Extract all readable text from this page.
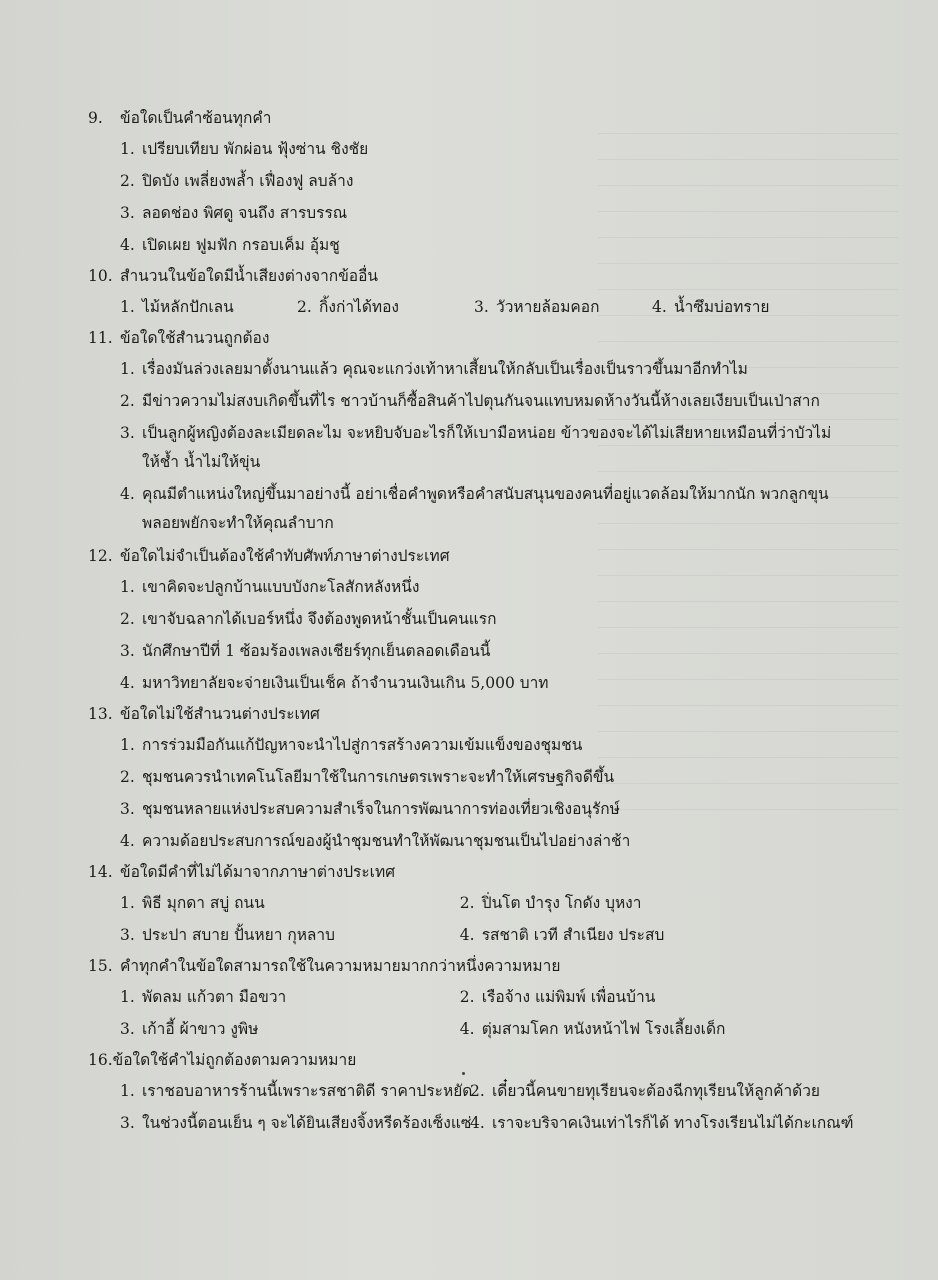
9. ข้อใดเป็นคำซ้อนทุกคำ
1. เปรียบเทียบ พักผ่อน ฟุ้งซ่าน ชิงชัย
2. ปิดบัง เพลี่ยงพล้ำ เฟื่องฟู ลบล้าง
3. ลอดช่อง พิศดู จนถึง สารบรรณ
4. เปิดเผย ฟูมฟัก กรอบเค็ม อุ้มชู
10. สำนวนในข้อใดมีน้ำเสียงต่างจากข้ออื่น
1. ไม้หลักปักเลน	2. กิ้งก่าได้ทอง	3. วัวหายล้อมคอก	4. น้ำซึมบ่อทราย
11. ข้อใดใช้สำนวนถูกต้อง
1. เรื่องมันล่วงเลยมาตั้งนานแล้ว คุณจะแกว่งเท้าหาเสี้ยนให้กลับเป็นเรื่องเป็นราวขึ้นมาอีกทำไม
2. มีข่าวความไม่สงบเกิดขึ้นที่ไร ชาวบ้านก็ซื้อสินค้าไปตุนกันจนแทบหมดห้างวันนี้ห้างเลยเงียบเป็นเป่าสาก
3. เป็นลูกผู้หญิงต้องละเมียดละไม จะหยิบจับอะไรก็ให้เบามือหน่อย ข้าวของจะได้ไม่เสียหายเหมือนที่ว่าบัวไม่ให้ช้ำ น้ำไม่ให้ขุ่น
4. คุณมีตำแหน่งใหญ่ขึ้นมาอย่างนี้ อย่าเชื่อคำพูดหรือคำสนับสนุนของคนที่อยู่แวดล้อมให้มากนัก พวกลูกขุนพลอยพยักจะทำให้คุณลำบาก
12. ข้อใดไม่จำเป็นต้องใช้คำทับศัพท์ภาษาต่างประเทศ
1. เขาคิดจะปลูกบ้านแบบบังกะโลสักหลังหนึ่ง
2. เขาจับฉลากได้เบอร์หนึ่ง จึงต้องพูดหน้าชั้นเป็นคนแรก
3. นักศึกษาปีที่ 1 ซ้อมร้องเพลงเชียร์ทุกเย็นตลอดเดือนนี้
4. มหาวิทยาลัยจะจ่ายเงินเป็นเช็ค ถ้าจำนวนเงินเกิน 5,000 บาท
13. ข้อใดไม่ใช้สำนวนต่างประเทศ
1. การร่วมมือกันแก้ปัญหาจะนำไปสู่การสร้างความเข้มแข็งของชุมชน
2. ชุมชนควรนำเทคโนโลยีมาใช้ในการเกษตรเพราะจะทำให้เศรษฐกิจดีขึ้น
3. ชุมชนหลายแห่งประสบความสำเร็จในการพัฒนาการท่องเที่ยวเชิงอนุรักษ์
4. ความด้อยประสบการณ์ของผู้นำชุมชนทำให้พัฒนาชุมชนเป็นไปอย่างล่าช้า
14. ข้อใดมีคำที่ไม่ได้มาจากภาษาต่างประเทศ
1. พิธี มุกดา สบู่ ถนน	2. ปิ่นโต บำรุง โกดัง บุหงา
3. ประปา สบาย ปั้นหยา กุหลาบ	4. รสชาติ เวที สำเนียง ประสบ
15. คำทุกคำในข้อใดสามารถใช้ในความหมายมากกว่าหนึ่งความหมาย
1. พัดลม แก้วตา มือขวา	2. เรือจ้าง แม่พิมพ์ เพื่อนบ้าน
3. เก้าอี้ ผ้าขาว งูพิษ	4. ตุ่มสามโคก หนังหน้าไฟ โรงเลี้ยงเด็ก
16.ข้อใดใช้คำไม่ถูกต้องตามความหมาย
1. เราชอบอาหารร้านนี้เพราะรสชาติดี ราคาประหยัด
2. เดี๋ยวนี้คนขายทุเรียนจะต้องฉีกทุเรียนให้ลูกค้าด้วย
3. ในช่วงนี้ตอนเย็น ๆ จะได้ยินเสียงจิ้งหรีดร้องเซ็งแซ่
4. เราจะบริจาคเงินเท่าไรก็ได้ ทางโรงเรียนไม่ได้กะเกณฑ์
